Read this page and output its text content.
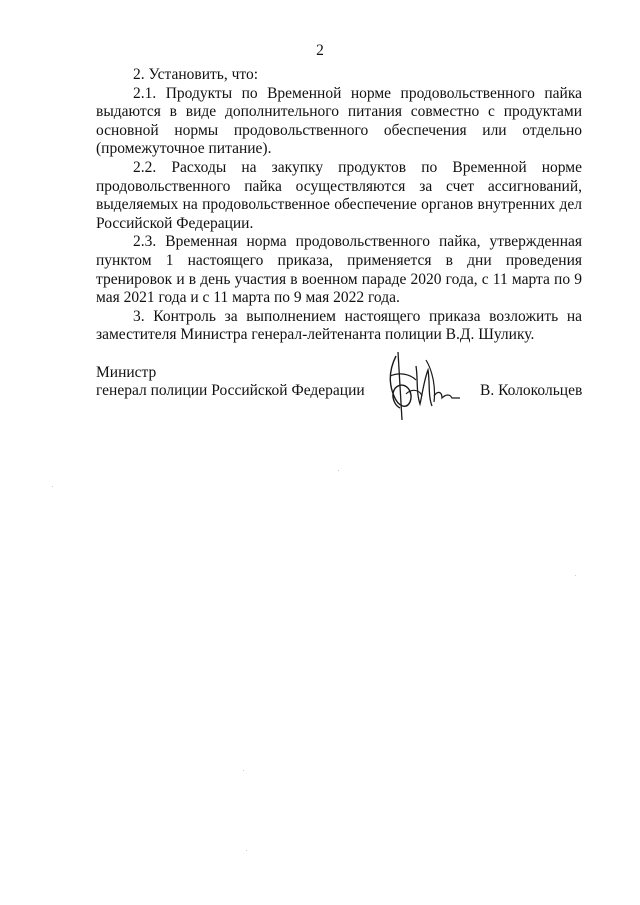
2

2. Установить, что:

2.1. Продукты по Временной норме продовольственного пайка выдаются в виде дополнительного питания совместно с продуктами основной нормы продовольственного обеспечения или отдельно (промежуточное питание).

2.2. Расходы на закупку продуктов по Временной норме продовольственного пайка осуществляются за счет ассигнований, выделяемых на продовольственное обеспечение органов внутренних дел Российской Федерации.

2.3. Временная норма продовольственного пайка, утвержденная пунктом 1 настоящего приказа, применяется в дни проведения тренировок и в день участия в военном параде 2020 года, с 11 марта по 9 мая 2021 года и с 11 марта по 9 мая 2022 года.

3. Контроль за выполнением настоящего приказа возложить на заместителя Министра генерал-лейтенанта полиции В.Д. Шулику.

Министр
генерал полиции Российской Федерации	В. Колокольцев
